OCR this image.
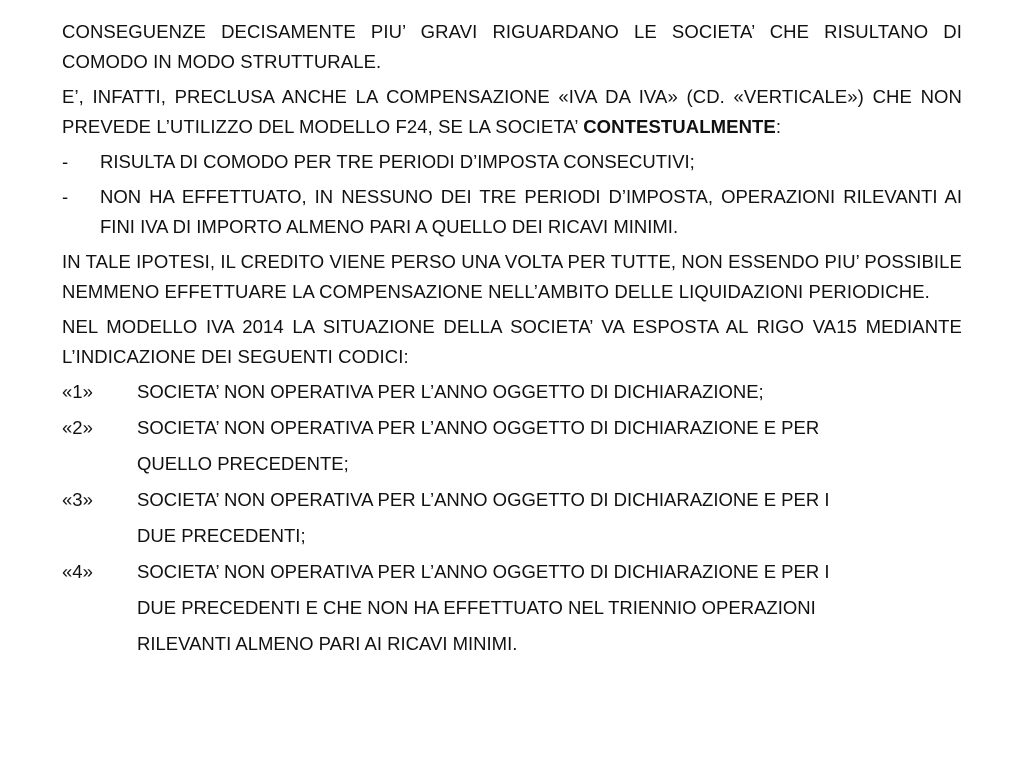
CONSEGUENZE DECISAMENTE PIU’ GRAVI RIGUARDANO LE SOCIETA’ CHE RISULTANO DI COMODO IN MODO STRUTTURALE.

E’, INFATTI, PRECLUSA ANCHE LA COMPENSAZIONE «IVA DA IVA» (CD. «VERTICALE») CHE NON PREVEDE L’UTILIZZO DEL MODELLO F24, SE LA SOCIETA’ CONTESTUALMENTE:

-	RISULTA DI COMODO PER TRE PERIODI D’IMPOSTA CONSECUTIVI;
-	NON HA EFFETTUATO, IN NESSUNO DEI TRE PERIODI D’IMPOSTA, OPERAZIONI RILEVANTI AI FINI IVA DI IMPORTO ALMENO PARI A QUELLO DEI RICAVI MINIMI.

IN TALE IPOTESI, IL CREDITO VIENE PERSO UNA VOLTA PER TUTTE, NON ESSENDO PIU’ POSSIBILE NEMMENO EFFETTUARE LA COMPENSAZIONE NELL’AMBITO DELLE LIQUIDAZIONI PERIODICHE.

NEL MODELLO IVA 2014 LA SITUAZIONE DELLA SOCIETA’ VA ESPOSTA AL RIGO VA15 MEDIANTE L’INDICAZIONE DEI SEGUENTI CODICI:

«1»	SOCIETA’ NON OPERATIVA PER L’ANNO OGGETTO DI DICHIARAZIONE;
«2»	SOCIETA’ NON OPERATIVA PER L’ANNO OGGETTO DI DICHIARAZIONE E PER
QUELLO PRECEDENTE;
«3»	SOCIETA’ NON OPERATIVA PER L’ANNO OGGETTO DI DICHIARAZIONE E PER I
DUE PRECEDENTI;
«4»	SOCIETA’ NON OPERATIVA PER L’ANNO OGGETTO DI DICHIARAZIONE E PER I
DUE PRECEDENTI E CHE NON HA EFFETTUATO NEL TRIENNIO OPERAZIONI
RILEVANTI ALMENO PARI AI RICAVI MINIMI.
